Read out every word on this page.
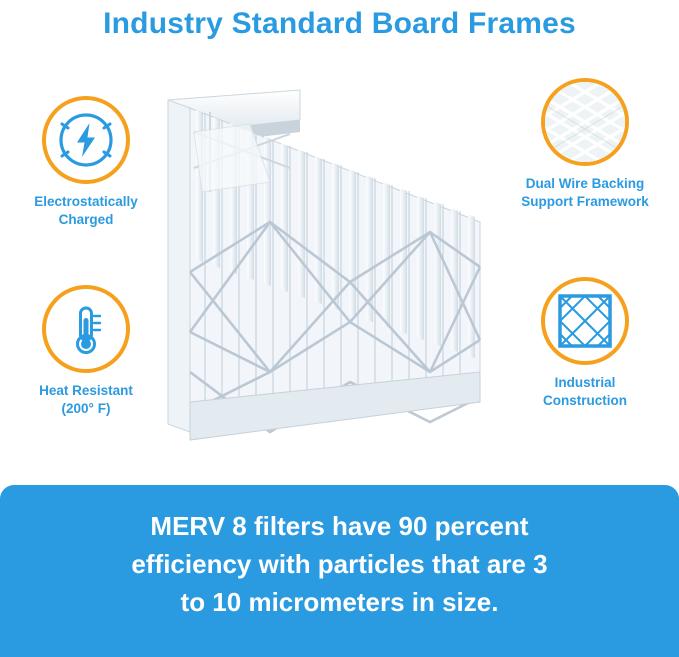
Industry Standard Board Frames
Electrostatically
Charged
Heat Resistant
(200° F)
Dual Wire Backing
Support Framework
Industrial
Construction
MERV 8 filters have 90 percent
efficiency with particles that are 3
to 10 micrometers in size.
